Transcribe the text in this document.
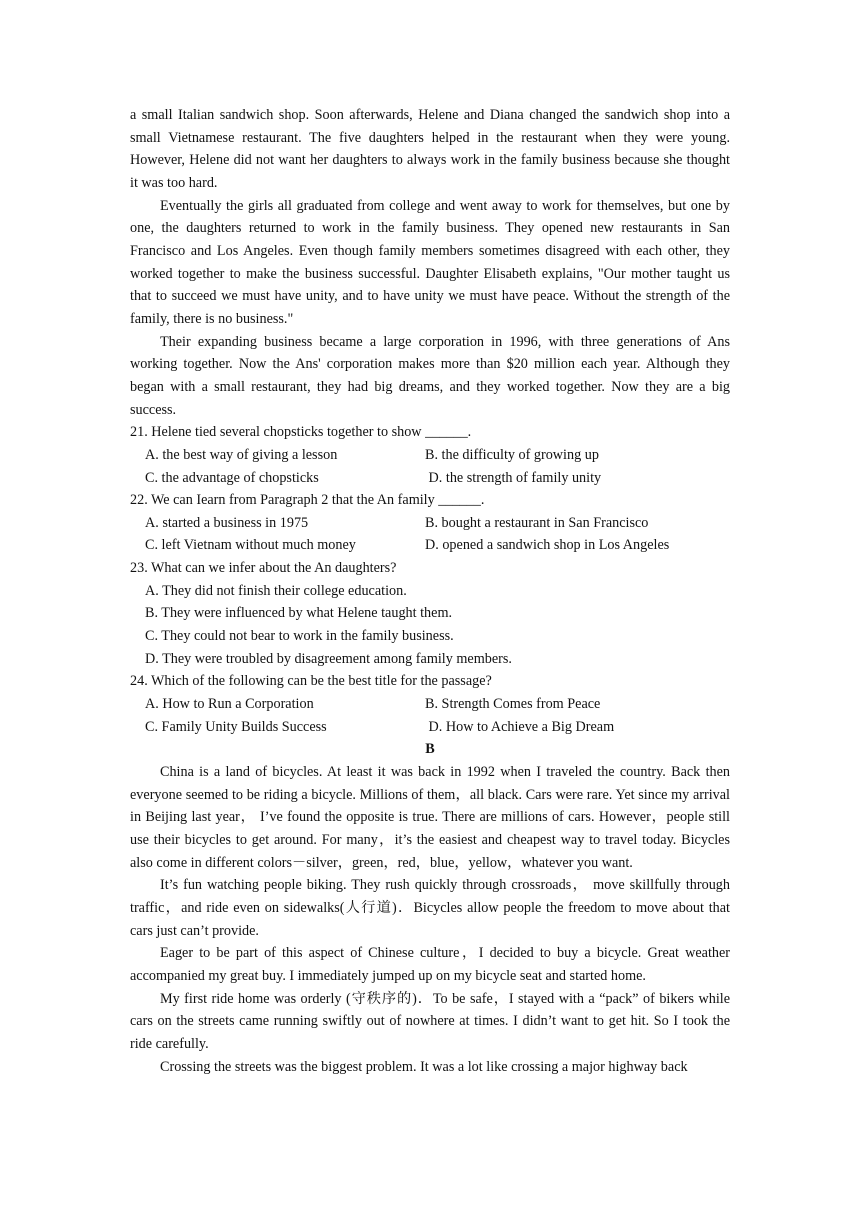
a small Italian sandwich shop. Soon afterwards, Helene and Diana changed the sandwich shop into a small Vietnamese restaurant. The five daughters helped in the restaurant when they were young. However, Helene did not want her daughters to always work in the family business because she thought it was too hard.

Eventually the girls all graduated from college and went away to work for themselves, but one by one, the daughters returned to work in the family business. They opened new restaurants in San Francisco and Los Angeles. Even though family members sometimes disagreed with each other, they worked together to make the business successful. Daughter Elisabeth explains, "Our mother taught us that to succeed we must have unity, and to have unity we must have peace. Without the strength of the family, there is no business."

Their expanding business became a large corporation in 1996, with three generations of Ans working together. Now the Ans' corporation makes more than $20 million each year. Although they began with a small restaurant, they had big dreams, and they worked together. Now they are a big success.

21. Helene tied several chopsticks together to show ______.

A. the best way of giving a lesson	B. the difficulty of growing up
C. the advantage of chopsticks	D. the strength of family unity

22. We can Iearn from Paragraph 2 that the An family ______.

A. started a business in 1975	B. bought a restaurant in San Francisco
C. left Vietnam without much money	D. opened a sandwich shop in Los Angeles

23. What can we infer about the An daughters?

A. They did not finish their college education.
B. They were influenced by what Helene taught them.
C. They could not bear to work in the family business.
D. They were troubled by disagreement among family members.

24. Which of the following can be the best title for the passage?

A. How to Run a Corporation	B. Strength Comes from Peace
C. Family Unity Builds Success	D. How to Achieve a Big Dream

B

China is a land of bicycles. At least it was back in 1992 when I traveled the country. Back then everyone seemed to be riding a bicycle. Millions of them，all black. Cars were rare. Yet since my arrival in Beijing last year， I’ve found the opposite is true. There are millions of cars. However，people still use their bicycles to get around. For many，it’s the easiest and cheapest way to travel today. Bicycles also come in different colors－silver，green，red，blue，yellow，whatever you want.

It’s fun watching people biking. They rush quickly through crossroads， move skillfully through traffic，and ride even on sidewalks(人行道)．Bicycles allow people the freedom to move about that cars just can’t provide.

Eager to be part of this aspect of Chinese culture，I decided to buy a bicycle. Great weather accompanied my great buy. I immediately jumped up on my bicycle seat and started home.

My first ride home was orderly (守秩序的)．To be safe，I stayed with a “pack” of bikers while cars on the streets came running swiftly out of nowhere at times. I didn’t want to get hit. So I took the ride carefully.

Crossing the streets was the biggest problem. It was a lot like crossing a major highway back
